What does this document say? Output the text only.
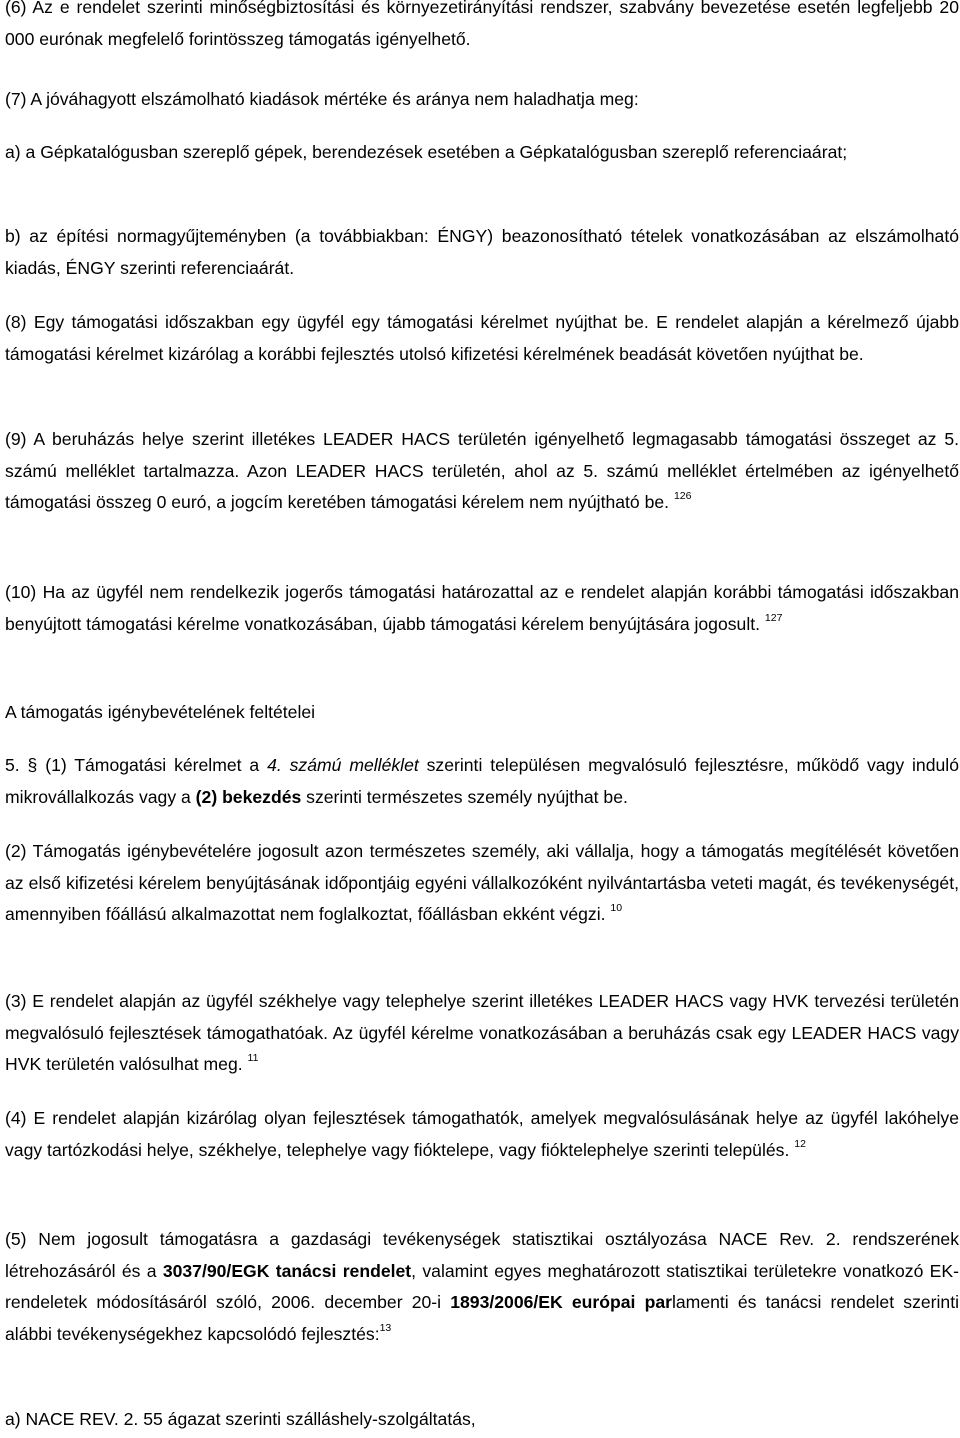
(6) Az e rendelet szerinti minőségbiztosítási és környezetirányítási rendszer, szabvány bevezetése esetén legfeljebb 20 000 eurónak megfelelő forintösszeg támogatás igényelhető.

(7) A jóváhagyott elszámolható kiadások mértéke és aránya nem haladhatja meg:

a) a Gépkatalógusban szereplő gépek, berendezések esetében a Gépkatalógusban szereplő referenciaárat;

b) az építési normagyűjteményben (a továbbiakban: ÉNGY) beazonosítható tételek vonatkozásában az elszámolható kiadás, ÉNGY szerinti referenciaárát.

(8) Egy támogatási időszakban egy ügyfél egy támogatási kérelmet nyújthat be. E rendelet alapján a kérelmező újabb támogatási kérelmet kizárólag a korábbi fejlesztés utolsó kifizetési kérelmének beadását követően nyújthat be.

(9) A beruházás helye szerint illetékes LEADER HACS területén igényelhető legmagasabb támogatási összeget az 5. számú melléklet tartalmazza. Azon LEADER HACS területén, ahol az 5. számú melléklet értelmében az igényelhető támogatási összeg 0 euró, a jogcím keretében támogatási kérelem nem nyújtható be. $^{126}$

(10) Ha az ügyfél nem rendelkezik jogerős támogatási határozattal az e rendelet alapján korábbi támogatási időszakban benyújtott támogatási kérelme vonatkozásában, újabb támogatási kérelem benyújtására jogosult. $^{127}$

A támogatás igénybevételének feltételei

5. § (1) Támogatási kérelmet a 4. számú melléklet szerinti településen megvalósuló fejlesztésre, működő vagy induló mikrovállalkozás vagy a (2) bekezdés szerinti természetes személy nyújthat be.

(2) Támogatás igénybevételére jogosult azon természetes személy, aki vállalja, hogy a támogatás megítélését követően az első kifizetési kérelem benyújtásának időpontjáig egyéni vállalkozóként nyilvántartásba veteti magát, és tevékenységét, amennyiben főállású alkalmazottat nem foglalkoztat, főállásban ekként végzi. $^{10}$

(3) E rendelet alapján az ügyfél székhelye vagy telephelye szerint illetékes LEADER HACS vagy HVK tervezési területén megvalósuló fejlesztések támogathatóak. Az ügyfél kérelme vonatkozásában a beruházás csak egy LEADER HACS vagy HVK területén valósulhat meg. $^{11}$

(4) E rendelet alapján kizárólag olyan fejlesztések támogathatók, amelyek megvalósulásának helye az ügyfél lakóhelye vagy tartózkodási helye, székhelye, telephelye vagy fióktelepe, vagy fióktelephelye szerinti település. $^{12}$

(5) Nem jogosult támogatásra a gazdasági tevékenységek statisztikai osztályozása NACE Rev. 2. rendszerének létrehozásáról és a 3037/90/EGK tanácsi rendelet, valamint egyes meghatározott statisztikai területekre vonatkozó EK-rendeletek módosításáról szóló, 2006. december 20-i 1893/2006/EK európai parlamenti és tanácsi rendelet szerinti alábbi tevékenységekhez kapcsolódó fejlesztés:$^{13}$

a) NACE REV. 2. 55 ágazat szerinti szálláshely-szolgáltatás,
